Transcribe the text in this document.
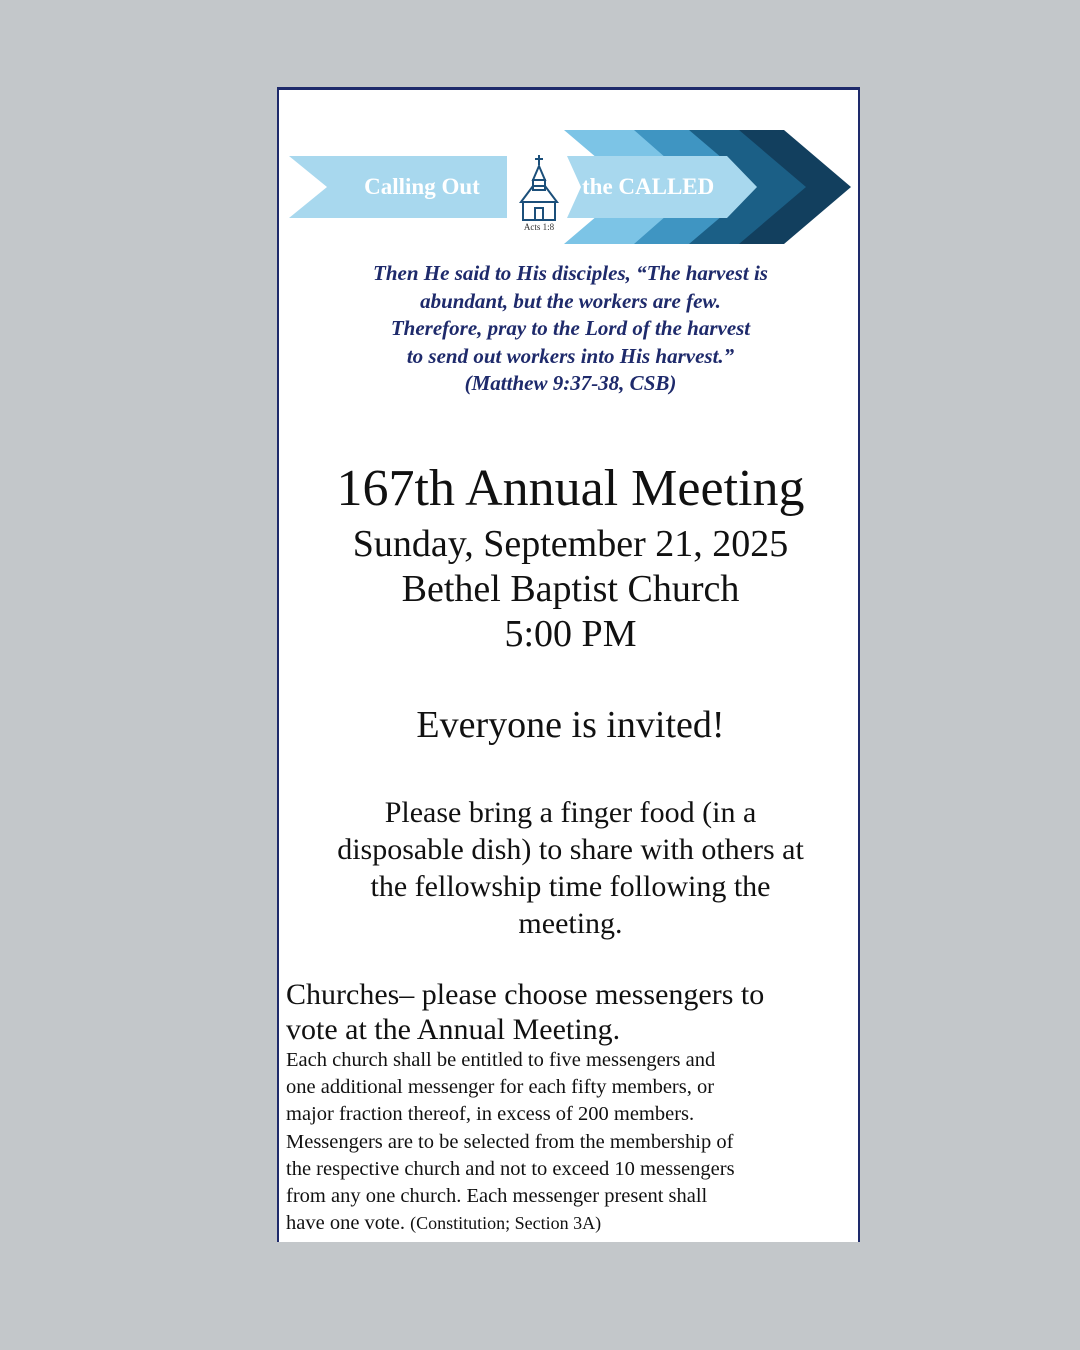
Calling Out	the CALLED
Acts 1:8
Then He said to His disciples, “The harvest is
abundant, but the workers are few.
Therefore, pray to the Lord of the harvest
to send out workers into His harvest.”
(Matthew 9:37-38, CSB)
167th Annual Meeting
Sunday, September 21, 2025
Bethel Baptist Church
5:00 PM
Everyone is invited!
Please bring a finger food (in a
disposable dish) to share with others at
the fellowship time following the
meeting.
Churches– please choose messengers to
vote at the Annual Meeting.
Each church shall be entitled to five messengers and
one additional messenger for each fifty members, or
major fraction thereof, in excess of 200 members.
Messengers are to be selected from the membership of
the respective church and not to exceed 10 messengers
from any one church. Each messenger present shall
have one vote. (Constitution; Section 3A)
